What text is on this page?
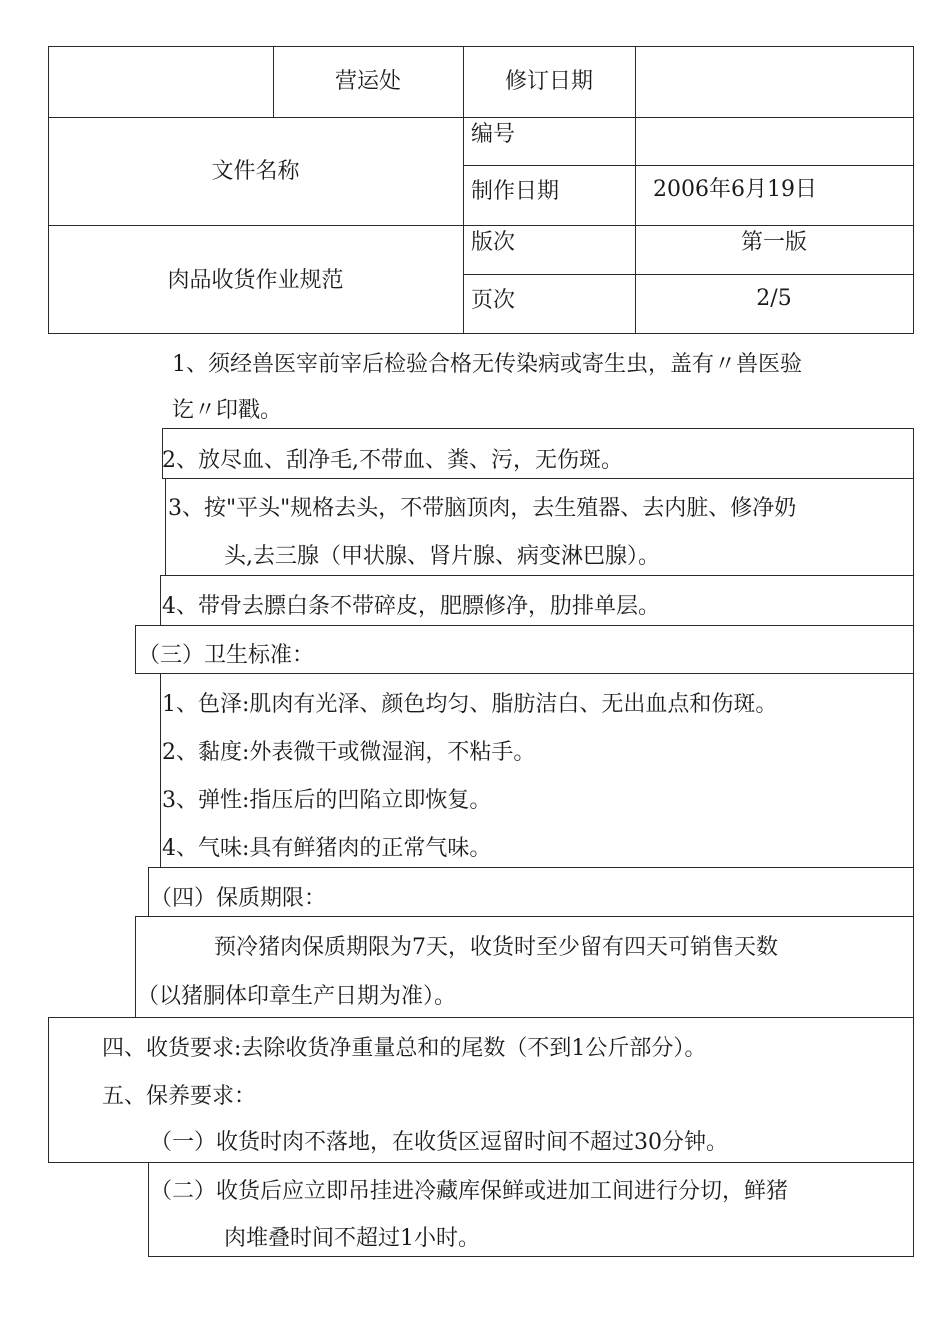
营运处	修订日期
文件名称
编号
制作日期	2006年6月19日
肉品收货作业规范
版次	第一版
页次	2/5
1、须经兽医宰前宰后检验合格无传染病或寄生虫，盖有〃兽医验
讫〃印戳。
2、放尽血、刮净毛,不带血、粪、污，无伤斑。
3、按"平头"规格去头，不带脑顶肉，去生殖器、去内脏、修净奶
头,去三腺（甲状腺、肾片腺、病变淋巴腺）。
4、带骨去膘白条不带碎皮，肥膘修净，肋排单层。
（三）卫生标准：
1、色泽:肌肉有光泽、颜色均匀、脂肪洁白、无出血点和伤斑。
2、黏度:外表微干或微湿润，不粘手。
3、弹性:指压后的凹陷立即恢复。
4、气味:具有鲜猪肉的正常气味。
（四）保质期限：
预冷猪肉保质期限为7天，收货时至少留有四天可销售天数
（以猪胴体印章生产日期为准）。
四、收货要求:去除收货净重量总和的尾数（不到1公斤部分）。
五、保养要求：
（一）收货时肉不落地，在收货区逗留时间不超过30分钟。
（二）收货后应立即吊挂进冷藏库保鲜或进加工间进行分切，鲜猪
肉堆叠时间不超过1小时。
